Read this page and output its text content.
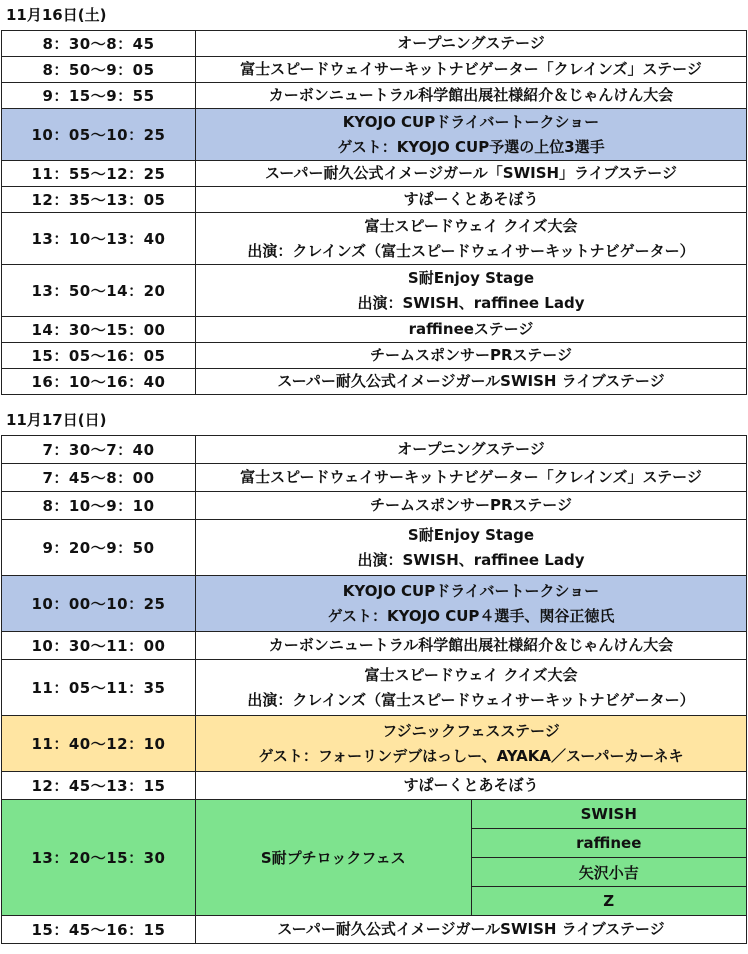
11月16日(土)
8：30～8：45	オープニングステージ

8：50～9：05	富士スピードウェイサーキットナビゲーター「クレインズ」ステージ

9：15～9：55	カーボンニュートラル科学館出展社様紹介＆じゃんけん大会

10：05～10：25	KYOJO CUPドライバートークショー
ゲスト：KYOJO CUP予選の上位3選手

11：55～12：25	スーパー耐久公式イメージガール「SWISH」ライブステージ

12：35～13：05	すぱーくとあそぼう

13：10～13：40	富士スピードウェイ クイズ大会
出演：クレインズ（富士スピードウェイサーキットナビゲーター）

13：50～14：20	S耐Enjoy Stage
出演：SWISH、raffinee Lady

14：30～15：00	raffineeステージ

15：05～16：05	チームスポンサーPRステージ

16：10～16：40	スーパー耐久公式イメージガールSWISH ライブステージ
11月17日(日)
7：30～7：40	オープニングステージ	

7：45～8：00	富士スピードウェイサーキットナビゲーター「クレインズ」ステージ	

8：10～9：10	チームスポンサーPRステージ	

9：20～9：50	S耐Enjoy Stage
出演：SWISH、raffinee Lady	

10：00～10：25	KYOJO CUPドライバートークショー
ゲスト：KYOJO CUP４選手、関谷正徳氏	

10：30～11：00	カーボンニュートラル科学館出展社様紹介＆じゃんけん大会	

11：05～11：35	富士スピードウェイ クイズ大会
出演：クレインズ（富士スピードウェイサーキットナビゲーター）	

11：40～12：10	フジニックフェスステージ
ゲスト：フォーリンデブはっしー、AYAKA／スーパーカーネキ	

12：45～13：15	すぱーくとあそぼう	

13：20～15：30	S耐プチロックフェス	SWISH
		raffinee
		矢沢小吉
		Z
15：45～16：15	スーパー耐久公式イメージガールSWISH ライブステージ	
